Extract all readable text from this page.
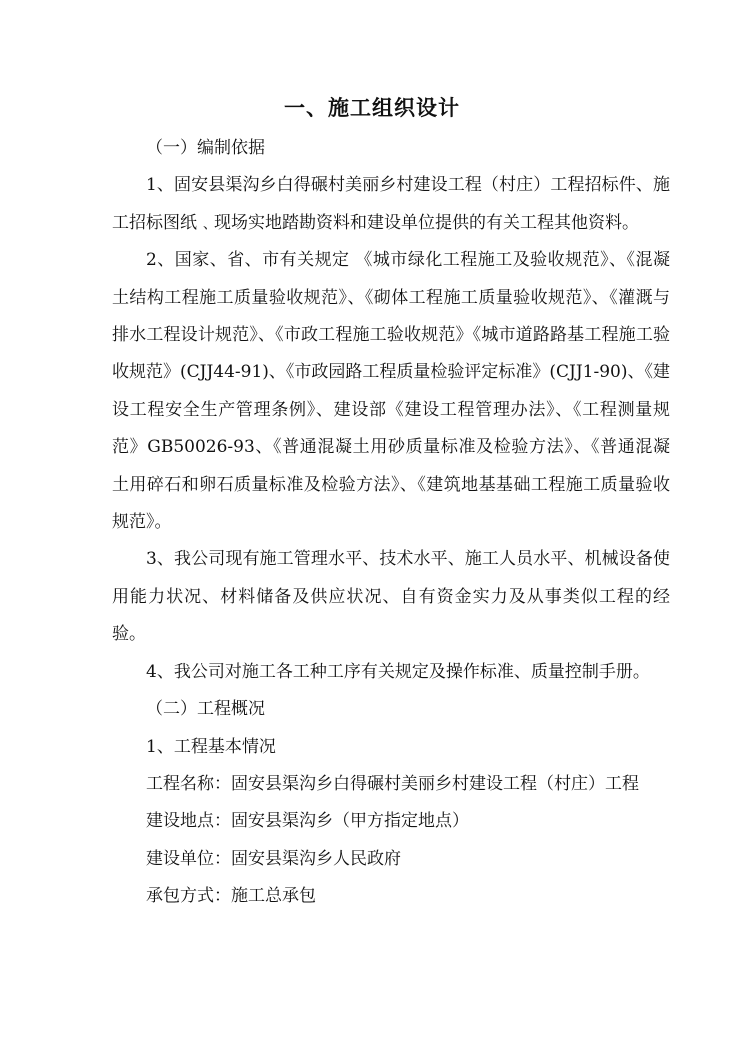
一、施工组织设计

（一）编制依据

1、固安县渠沟乡白得碾村美丽乡村建设工程（村庄）工程招标件、施工招标图纸﹑现场实地踏勘资料和建设单位提供的有关工程其他资料。

2、国家、省、市有关规定 《城市绿化工程施工及验收规范》、《混凝土结构工程施工质量验收规范》、《砌体工程施工质量验收规范》、《灌溉与排水工程设计规范》、《市政工程施工验收规范》《城市道路路基工程施工验收规范》(CJJ44-91)、《市政园路工程质量检验评定标准》(CJJ1-90)、《建设工程安全生产管理条例》、建设部《建设工程管理办法》、《工程测量规范》GB50026-93、《普通混凝土用砂质量标准及检验方法》、《普通混凝土用碎石和卵石质量标准及检验方法》、《建筑地基基础工程施工质量验收规范》。

3、我公司现有施工管理水平、技术水平、施工人员水平、机械设备使用能力状况、材料储备及供应状况、自有资金实力及从事类似工程的经验。

4、我公司对施工各工种工序有关规定及操作标准、质量控制手册。

（二）工程概况

1、工程基本情况

工程名称：固安县渠沟乡白得碾村美丽乡村建设工程（村庄）工程

建设地点：固安县渠沟乡（甲方指定地点）

建设单位：固安县渠沟乡人民政府

承包方式：施工总承包
